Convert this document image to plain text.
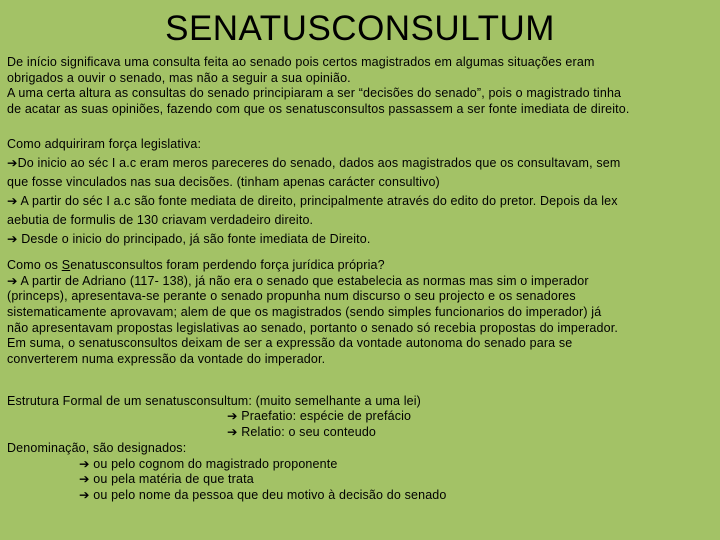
SENATUSCONSULTUM
De início significava uma consulta feita ao senado pois certos magistrados em algumas situações eram
obrigados a ouvir o senado, mas não a seguir a sua opinião.
A uma certa altura as consultas do senado principiaram a ser “decisões do senado”, pois o magistrado tinha
de acatar as suas opiniões, fazendo com que os senatusconsultos passassem a ser fonte imediata de direito.
Como adquiriram força legislativa:
➔Do inicio ao séc I a.c eram meros pareceres do senado, dados aos magistrados que os consultavam, sem
que fosse vinculados nas sua decisões. (tinham apenas carácter consultivo)
➔ A partir do séc I a.c são fonte mediata de direito, principalmente através do edito do pretor. Depois da lex
aebutia de formulis de 130 criavam verdadeiro direito.
➔ Desde o inicio do principado, já são fonte imediata de Direito.
Como os Senatusconsultos foram perdendo força jurídica própria?
➔ A partir de Adriano (117- 138), já não era o senado que estabelecia as normas mas sim o imperador
(princeps), apresentava-se perante o senado propunha num discurso o seu projecto e os senadores
sistematicamente aprovavam; alem de que os magistrados (sendo simples funcionarios do imperador) já
não apresentavam propostas legislativas ao senado, portanto o senado só recebia propostas do imperador.
Em suma, o senatusconsultos deixam de ser a expressão da vontade autonoma do senado para se
converterem numa expressão da vontade do imperador.
Estrutura Formal de um senatusconsultum: (muito semelhante a uma lei)
➔ Praefatio: espécie de prefácio
➔ Relatio: o seu conteudo
Denominação, são designados:
➔ ou pelo cognom do magistrado proponente
➔ ou pela matéria de que trata
➔ ou pelo nome da pessoa que deu motivo à decisão do senado
